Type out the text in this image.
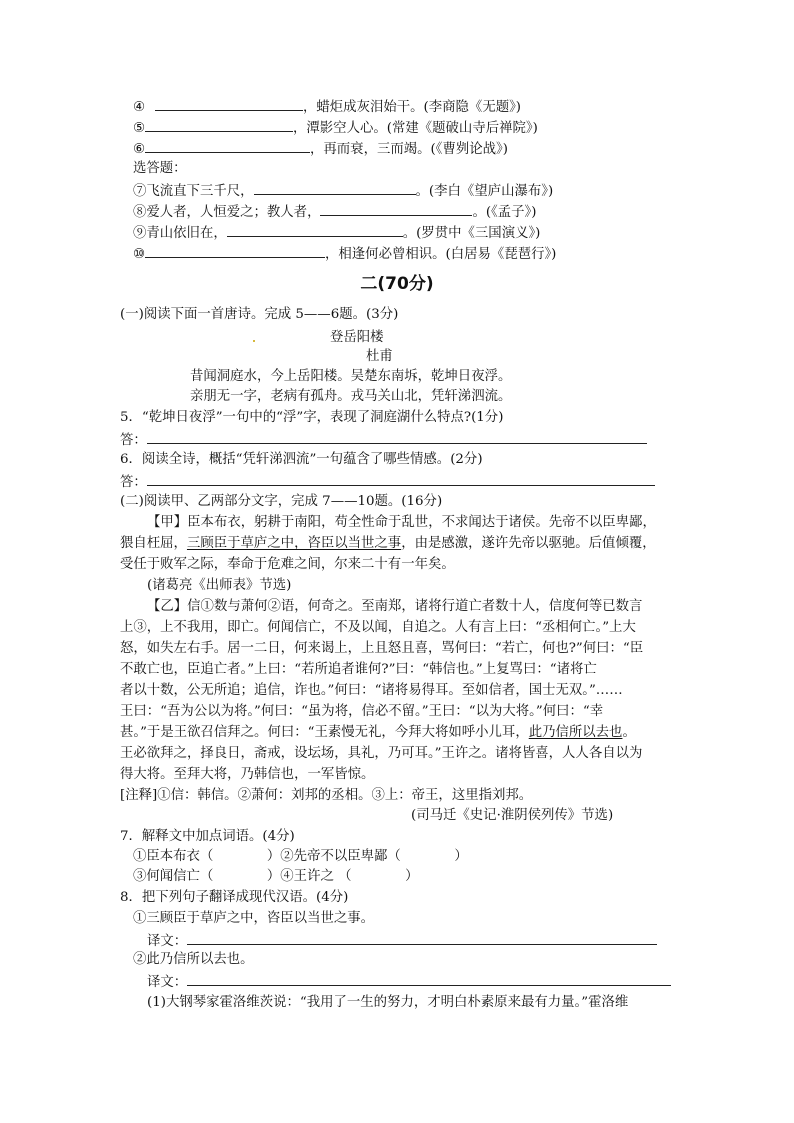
④	，蜡炬成灰泪始干。(李商隐《无题》)
⑤	，潭影空人心。(常建《题破山寺后禅院》)
⑥	，再而衰，三而竭。(《曹刿论战》)
选答题：
⑦飞流直下三千尺，	。(李白《望庐山瀑布》)
⑧爱人者，人恒爱之；教人者，	。(《孟子》)
⑨青山依旧在，	。(罗贯中《三国演义》)
⑩	，相逢何必曾相识。(白居易《琵琶行》)
二(70分)
(一)阅读下面一首唐诗。完成 5——6题。(3分)
登岳阳楼
杜甫
昔闻洞庭水，今上岳阳楼。吴楚东南坼，乾坤日夜浮。
亲朋无一字，老病有孤舟。戎马关山北，凭轩涕泗流。
5．“乾坤日夜浮”一句中的“浮”字，表现了洞庭湖什么特点?(1分)
答：
6．阅读全诗，概括“凭轩涕泗流”一句蕴含了哪些情感。(2分)
答：
(二)阅读甲、乙两部分文字，完成 7——10题。(16分)
【甲】臣本布衣，躬耕于南阳，苟全性命于乱世，不求闻达于诸侯。先帝不以臣卑鄙，
猥自枉屈，三顾臣于草庐之中，咨臣以当世之事，由是感激，遂许先帝以驱驰。后值倾覆，
受任于败军之际，奉命于危难之间，尔来二十有一年矣。
(诸葛亮《出师表》节选)
【乙】信①数与萧何②语，何奇之。至南郑，诸将行道亡者数十人，信度何等已数言
上③，上不我用，即亡。何闻信亡，不及以闻，自追之。人有言上曰：“丞相何亡。”上大
怒，如失左右手。居一二日，何来谒上，上且怒且喜，骂何曰：“若亡，何也?”何曰：“臣
不敢亡也，臣追亡者。”上曰：“若所追者谁何?”曰：“韩信也。”上复骂曰：“诸将亡
者以十数，公无所追；追信，诈也。”何曰：“诸将易得耳。至如信者，国士无双。”……
王曰：“吾为公以为将。”何曰：“虽为将，信必不留。”王曰：“以为大将。”何曰：“幸
甚。”于是王欲召信拜之。何曰：“王素慢无礼，今拜大将如呼小儿耳，此乃信所以去也。
王必欲拜之，择良日，斋戒，设坛场，具礼，乃可耳。”王许之。诸将皆喜，人人各自以为
得大将。至拜大将，乃韩信也，一军皆惊。
[注释]①信：韩信。②萧何：刘邦的丞相。③上：帝王，这里指刘邦。
(司马迁《史记·淮阴侯列传》节选)
7．解释文中加点词语。(4分)
①臣本布衣（　　　　）②先帝不以臣卑鄙（　　　　）
③何闻信亡（　　　　）④王许之 （　　　　）
8．把下列句子翻译成现代汉语。(4分)
①三顾臣于草庐之中，咨臣以当世之事。
译文：
②此乃信所以去也。
译文：
(1)大钢琴家霍洛维茨说：“我用了一生的努力，才明白朴素原来最有力量。”霍洛维
